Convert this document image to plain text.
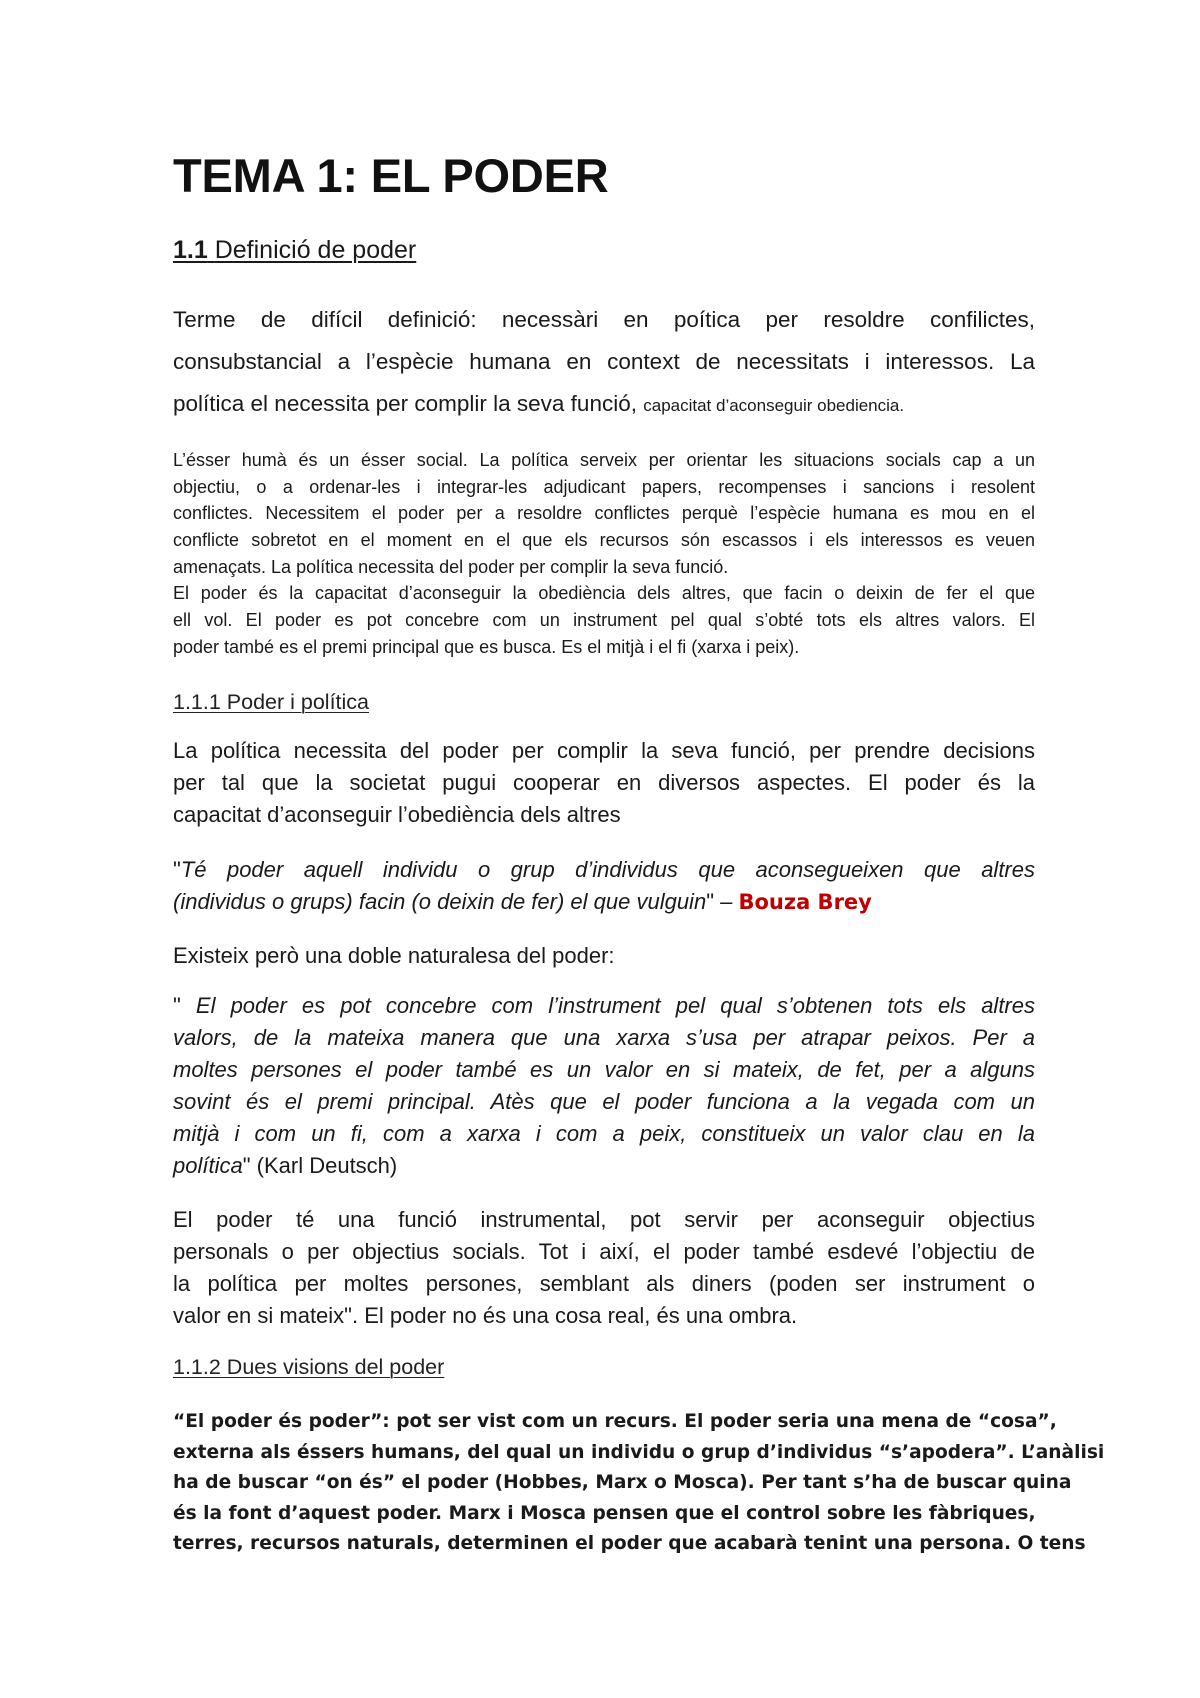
TEMA 1: EL PODER
1.1 Definició de poder
Terme de difícil definició: necessàri en poítica per resoldre confilictes,
consubstancial a l’espècie humana en context de necessitats i interessos. La
política el necessita per complir la seva funció, capacitat d’aconseguir obediencia.
L’ésser humà és un ésser social. La política serveix per orientar les situacions socials cap a un
objectiu, o a ordenar-les i integrar-les adjudicant papers, recompenses i sancions i resolent
conflictes. Necessitem el poder per a resoldre conflictes perquè l’espècie humana es mou en el
conflicte sobretot en el moment en el que els recursos són escassos i els interessos es veuen
amenaçats. La política necessita del poder per complir la seva funció.
El poder és la capacitat d’aconseguir la obediència dels altres, que facin o deixin de fer el que
ell vol. El poder es pot concebre com un instrument pel qual s’obté tots els altres valors. El
poder també es el premi principal que es busca. Es el mitjà i el fi (xarxa i peix).
1.1.1 Poder i política
La política necessita del poder per complir la seva funció, per prendre decisions
per tal que la societat pugui cooperar en diversos aspectes. El poder és la
capacitat d’aconseguir l’obediència dels altres
"Té poder aquell individu o grup d’individus que aconsegueixen que altres
(individus o grups) facin (o deixin de fer) el que vulguin" – Bouza Brey
Existeix però una doble naturalesa del poder:
" El poder es pot concebre com l’instrument pel qual s’obtenen tots els altres
valors, de la mateixa manera que una xarxa s’usa per atrapar peixos. Per a
moltes persones el poder també es un valor en si mateix, de fet, per a alguns
sovint és el premi principal. Atès que el poder funciona a la vegada com un
mitjà i com un fi, com a xarxa i com a peix, constitueix un valor clau en la
política" (Karl Deutsch)
El poder té una funció instrumental, pot servir per aconseguir objectius
personals o per objectius socials. Tot i així, el poder també esdevé l’objectiu de
la política per moltes persones, semblant als diners (poden ser instrument o
valor en si mateix". El poder no és una cosa real, és una ombra.
1.1.2 Dues visions del poder
“El poder és poder”: pot ser vist com un recurs. El poder seria una mena de “cosa”,
externa als éssers humans, del qual un individu o grup d’individus “s’apodera”. L’anàlisi
ha de buscar “on és” el poder (Hobbes, Marx o Mosca). Per tant s’ha de buscar quina
és la font d’aquest poder. Marx i Mosca pensen que el control sobre les fàbriques,
terres, recursos naturals, determinen el poder que acabarà tenint una persona. O tens
